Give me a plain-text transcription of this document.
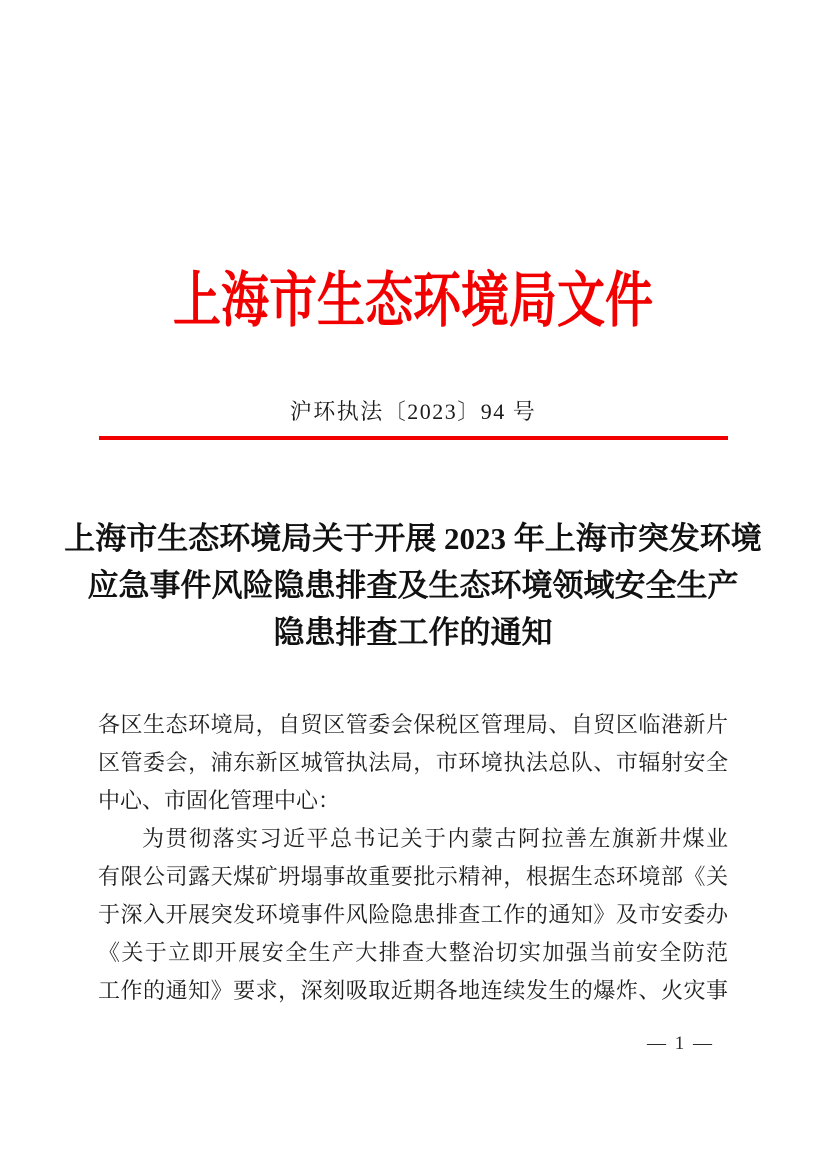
上海市生态环境局文件
沪环执法〔2023〕94 号
上海市生态环境局关于开展 2023 年上海市突发环境
应急事件风险隐患排查及生态环境领域安全生产
隐患排查工作的通知
各区生态环境局，自贸区管委会保税区管理局、自贸区临港新片
区管委会，浦东新区城管执法局，市环境执法总队、市辐射安全
中心、市固化管理中心：
为贯彻落实习近平总书记关于内蒙古阿拉善左旗新井煤业
有限公司露天煤矿坍塌事故重要批示精神，根据生态环境部《关
于深入开展突发环境事件风险隐患排查工作的通知》及市安委办
《关于立即开展安全生产大排查大整治切实加强当前安全防范
工作的通知》要求，深刻吸取近期各地连续发生的爆炸、火灾事
— 1 —
